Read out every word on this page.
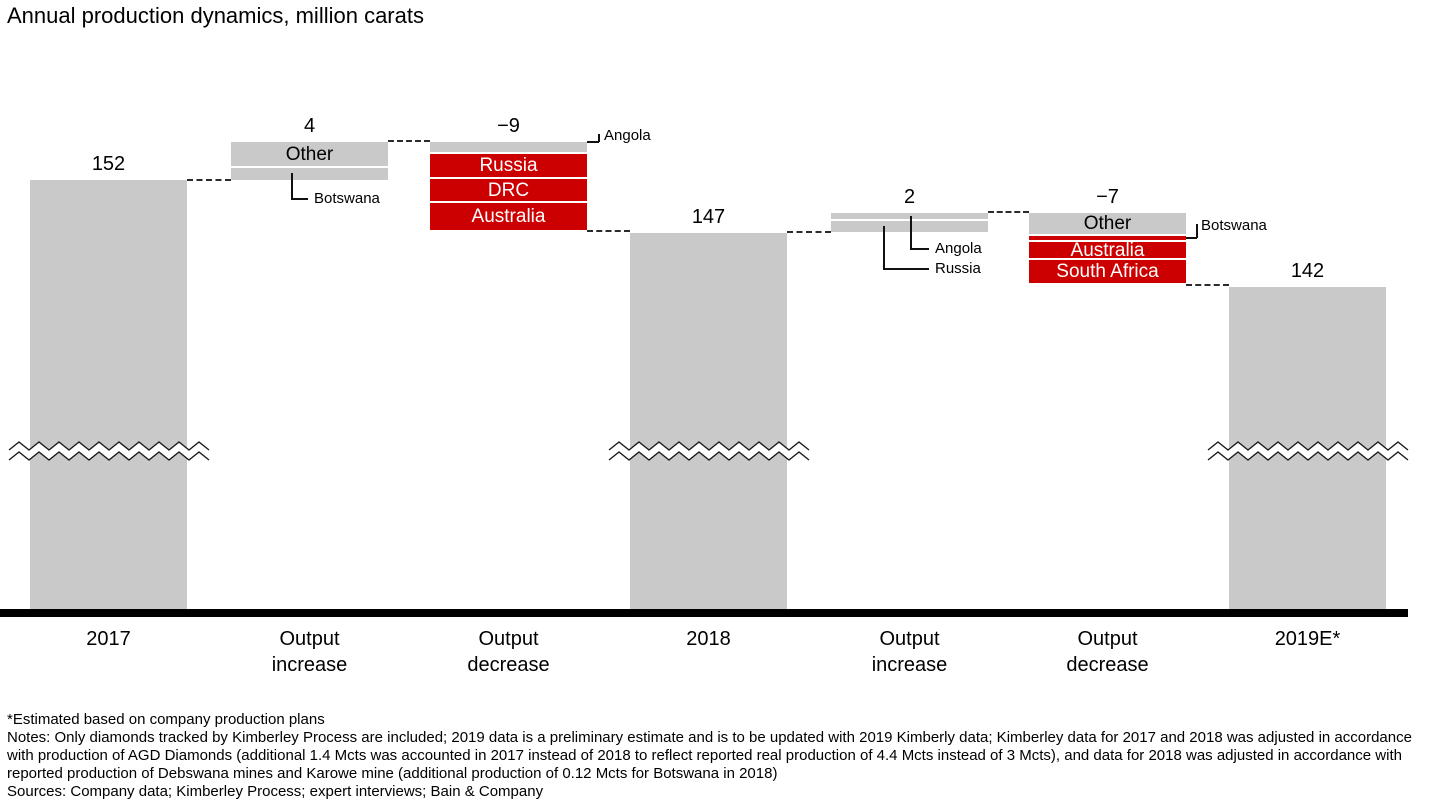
Annual production dynamics, million carats
152
4
Other
Botswana
−9
Russia
DRC
Australia
Angola
147
2
Angola
Russia
−7
Other
Australia
South Africa
Botswana
142
2017	Output
increase
Output
decrease
2018	Output
increase
Output
decrease
2019E*
*Estimated based on company production plans
Notes: Only diamonds tracked by Kimberley Process are included; 2019 data is a preliminary estimate and is to be updated with 2019 Kimberly data; Kimberley data for 2017 and 2018 was adjusted in accordance with production of AGD Diamonds (additional 1.4 Mcts was accounted in 2017 instead of 2018 to reflect reported real production of 4.4 Mcts instead of 3 Mcts), and data for 2018 was adjusted in accordance with reported production of Debswana mines and Karowe mine (additional production of 0.12 Mcts for Botswana in 2018)
Sources: Company data; Kimberley Process; expert interviews; Bain & Company
